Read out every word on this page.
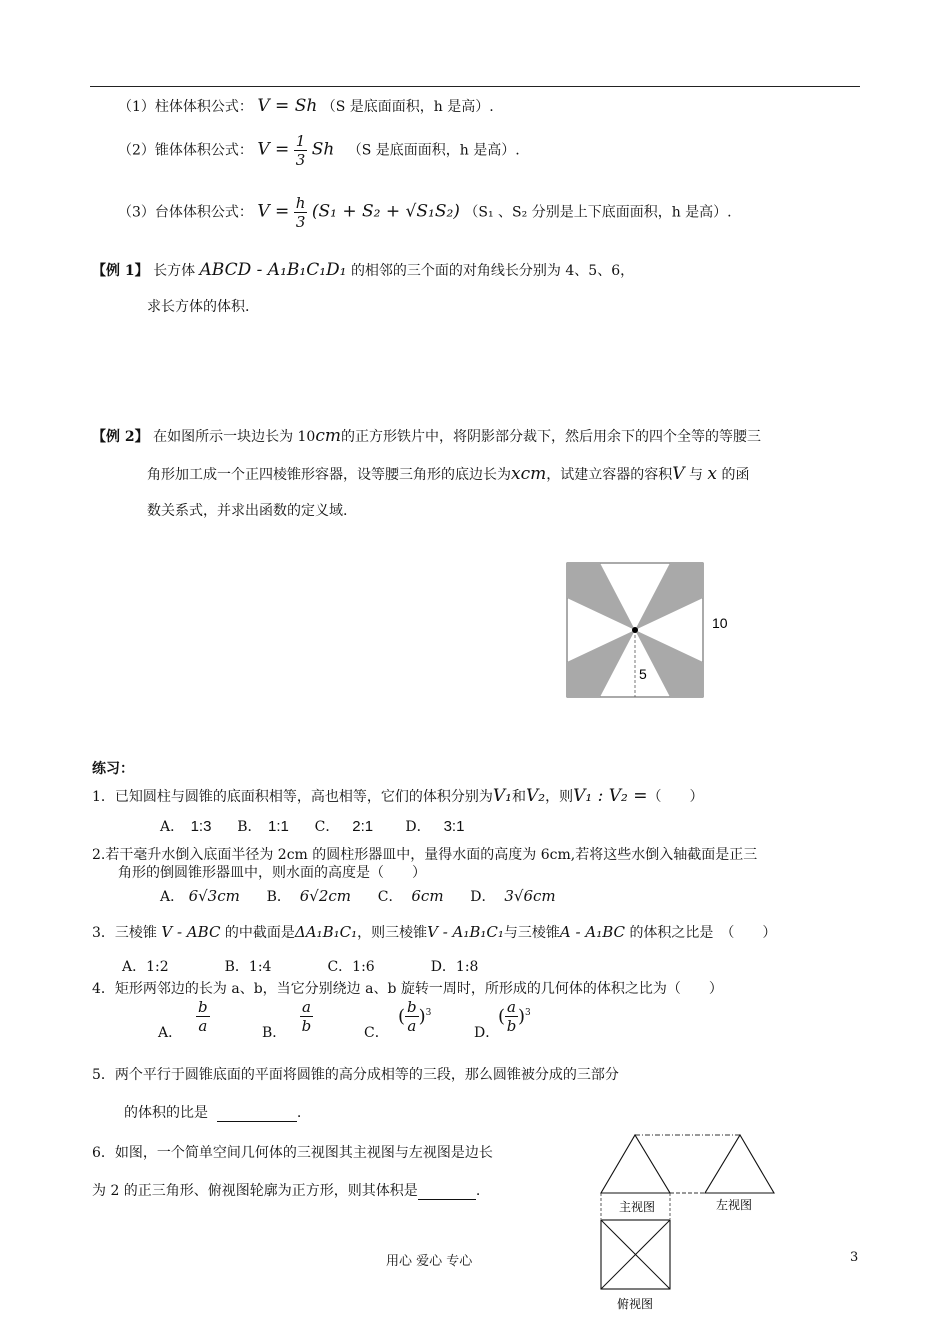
（1）柱体体积公式： V = Sh （S 是底面面积，h 是高）.
（2）锥体体积公式： $V = \frac{1}{3}$ Sh （S 是底面面积，h 是高）.
（3）台体体积公式： $V = \frac{h}{3} (S_1 + S_2 + √S_1S_2)$ （S₁ 、S₂ 分别是上下底面面积，h 是高）.
【例 1】 长方体 ABCD - A₁B₁C₁D₁ 的相邻的三个面的对角线长分别为 4、5、6，
求长方体的体积.
【例 2】 在如图所示一块边长为 10cm的正方形铁片中，将阴影部分裁下，然后用余下的四个全等的等腰三
角形加工成一个正四棱锥形容器，设等腰三角形的底边长为xcm，试建立容器的容积V 与 x 的函
数关系式，并求出函数的定义域.
10
5
练习：
1．已知圆柱与圆锥的底面积相等，高也相等，它们的体积分别为V₁和V₂，则V₁ : V₂ =（　　）
A． 1:3 B． 1:1 C． 2:1 D． 3:1
2.若干毫升水倒入底面半径为 2cm 的圆柱形器皿中，量得水面的高度为 6cm,若将这些水倒入轴截面是正三
角形的倒圆锥形器皿中，则水面的高度是（　　）
A． 6√3cm B． 6√2cm C． 6cm D． 3√6cm
3．三棱锥 V - ABC 的中截面是ΔA₁B₁C₁，则三棱锥V - A₁B₁C₁与三棱锥A - A₁BC 的体积之比是　（　　）
A．1:2　　　　B．1:4　　　　C．1:6　　　　D．1:8
4．矩形两邻边的长为 a、b，当它分别绕边 a、b 旋转一周时，所形成的几何体的体积之比为（　　）
A． $\frac{b}{a}$	B． $\frac{a}{b}$	C．
( $\frac{b}{a} )^3$
D．
( $\frac{a}{b} )^3$
5．两个平行于圆锥底面的平面将圆锥的高分成相等的三段，那么圆锥被分成的三部分
的体积的比是	.
6．如图，一个简单空间几何体的三视图其主视图与左视图是边长
为 2 的正三角形、俯视图轮廓为正方形，则其体积是	.
主视图	左视图
俯视图
用心 爱心 专心	3
